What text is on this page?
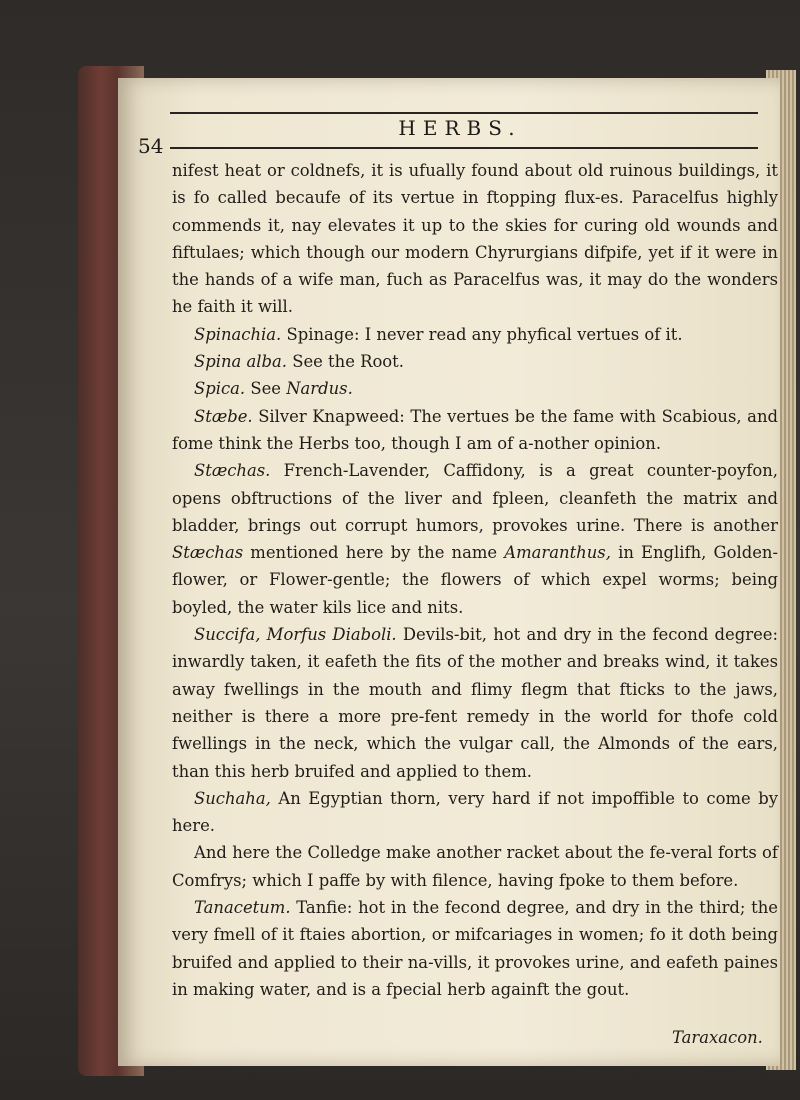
54
HERBS.

nifest heat or coldnefs, it is ufually found about old ruinous buildings, it is fo called becaufe of its vertue in ftopping flux-es. Paracelfus highly commends it, nay elevates it up to the skies for curing old wounds and fiftulaes; which though our modern Chyrurgians difpife, yet if it were in the hands of a wife man, fuch as Paracelfus was, it may do the wonders he faith it will.

Spinachia. Spinage: I never read any phyfical vertues of it.

Spina alba. See the Root.

Spica. See Nardus.

Stæbe. Silver Knapweed: The vertues be the fame with Scabious, and fome think the Herbs too, though I am of a-nother opinion.

Stæchas. French-Lavender, Caffidony, is a great counter-poyfon, opens obftructions of the liver and fpleen, cleanfeth the matrix and bladder, brings out corrupt humors, provokes urine. There is another Stæchas mentioned here by the name Amaranthus, in Englifh, Golden-flower, or Flower-gentle; the flowers of which expel worms; being boyled, the water kils lice and nits.

Succifa, Morfus Diaboli. Devils-bit, hot and dry in the fecond degree: inwardly taken, it eafeth the fits of the mother and breaks wind, it takes away fwellings in the mouth and flimy flegm that fticks to the jaws, neither is there a more pre-fent remedy in the world for thofe cold fwellings in the neck, which the vulgar call, the Almonds of the ears, than this herb bruifed and applied to them.

Suchaha, An Egyptian thorn, very hard if not impoffible to come by here.

And here the Colledge make another racket about the fe-veral forts of Comfrys; which I paffe by with filence, having fpoke to them before.

Tanacetum. Tanfie: hot in the fecond degree, and dry in the third; the very fmell of it ftaies abortion, or mifcariages in women; fo it doth being bruifed and applied to their na-vills, it provokes urine, and eafeth paines in making water, and is a fpecial herb againft the gout.

Taraxacon.
